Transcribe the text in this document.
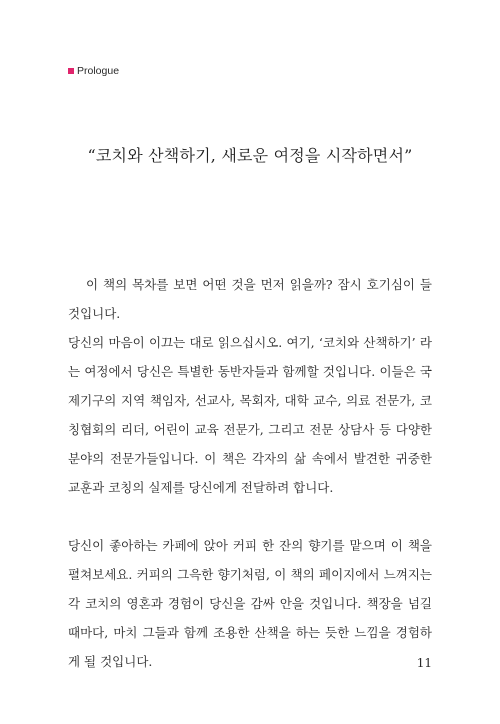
Prologue
“코치와 산책하기, 새로운 여정을 시작하면서”

이 책의 목차를 보면 어떤 것을 먼저 읽을까? 잠시 호기심이 들 것입니다.

당신의 마음이 이끄는 대로 읽으십시오. 여기, ‘코치와 산책하기’ 라는 여정에서 당신은 특별한 동반자들과 함께할 것입니다. 이들은 국제기구의 지역 책임자, 선교사, 목회자, 대학 교수, 의료 전문가, 코칭협회의 리더, 어린이 교육 전문가, 그리고 전문 상담사 등 다양한 분야의 전문가들입니다. 이 책은 각자의 삶 속에서 발견한 귀중한 교훈과 코칭의 실제를 당신에게 전달하려 합니다.

당신이 좋아하는 카페에 앉아 커피 한 잔의 향기를 맡으며 이 책을 펼쳐보세요. 커피의 그윽한 향기처럼, 이 책의 페이지에서 느껴지는 각 코치의 영혼과 경험이 당신을 감싸 안을 것입니다. 책장을 넘길 때마다, 마치 그들과 함께 조용한 산책을 하는 듯한 느낌을 경험하게 될 것입니다.	11
